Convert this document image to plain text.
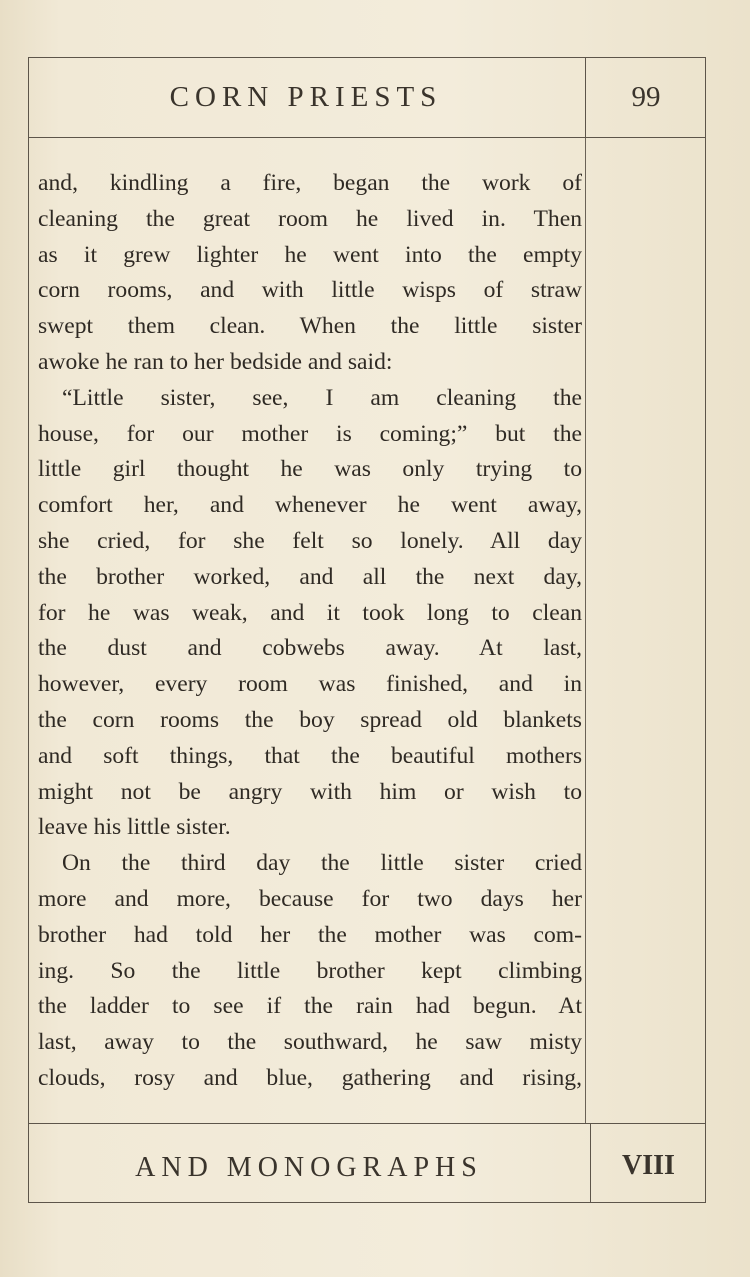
CORN PRIESTS	99
and, kindling a fire, began the work of
cleaning the great room he lived in. Then
as it grew lighter he went into the empty
corn rooms, and with little wisps of straw
swept them clean. When the little sister
awoke he ran to her bedside and said:
“Little sister, see, I am cleaning the
house, for our mother is coming;” but the
little girl thought he was only trying to
comfort her, and whenever he went away,
she cried, for she felt so lonely. All day
the brother worked, and all the next day,
for he was weak, and it took long to clean
the dust and cobwebs away. At last,
however, every room was finished, and in
the corn rooms the boy spread old blankets
and soft things, that the beautiful mothers
might not be angry with him or wish to
leave his little sister.
On the third day the little sister cried
more and more, because for two days her
brother had told her the mother was com-
ing. So the little brother kept climbing
the ladder to see if the rain had begun. At
last, away to the southward, he saw misty
clouds, rosy and blue, gathering and rising,
AND MONOGRAPHS	VIII
